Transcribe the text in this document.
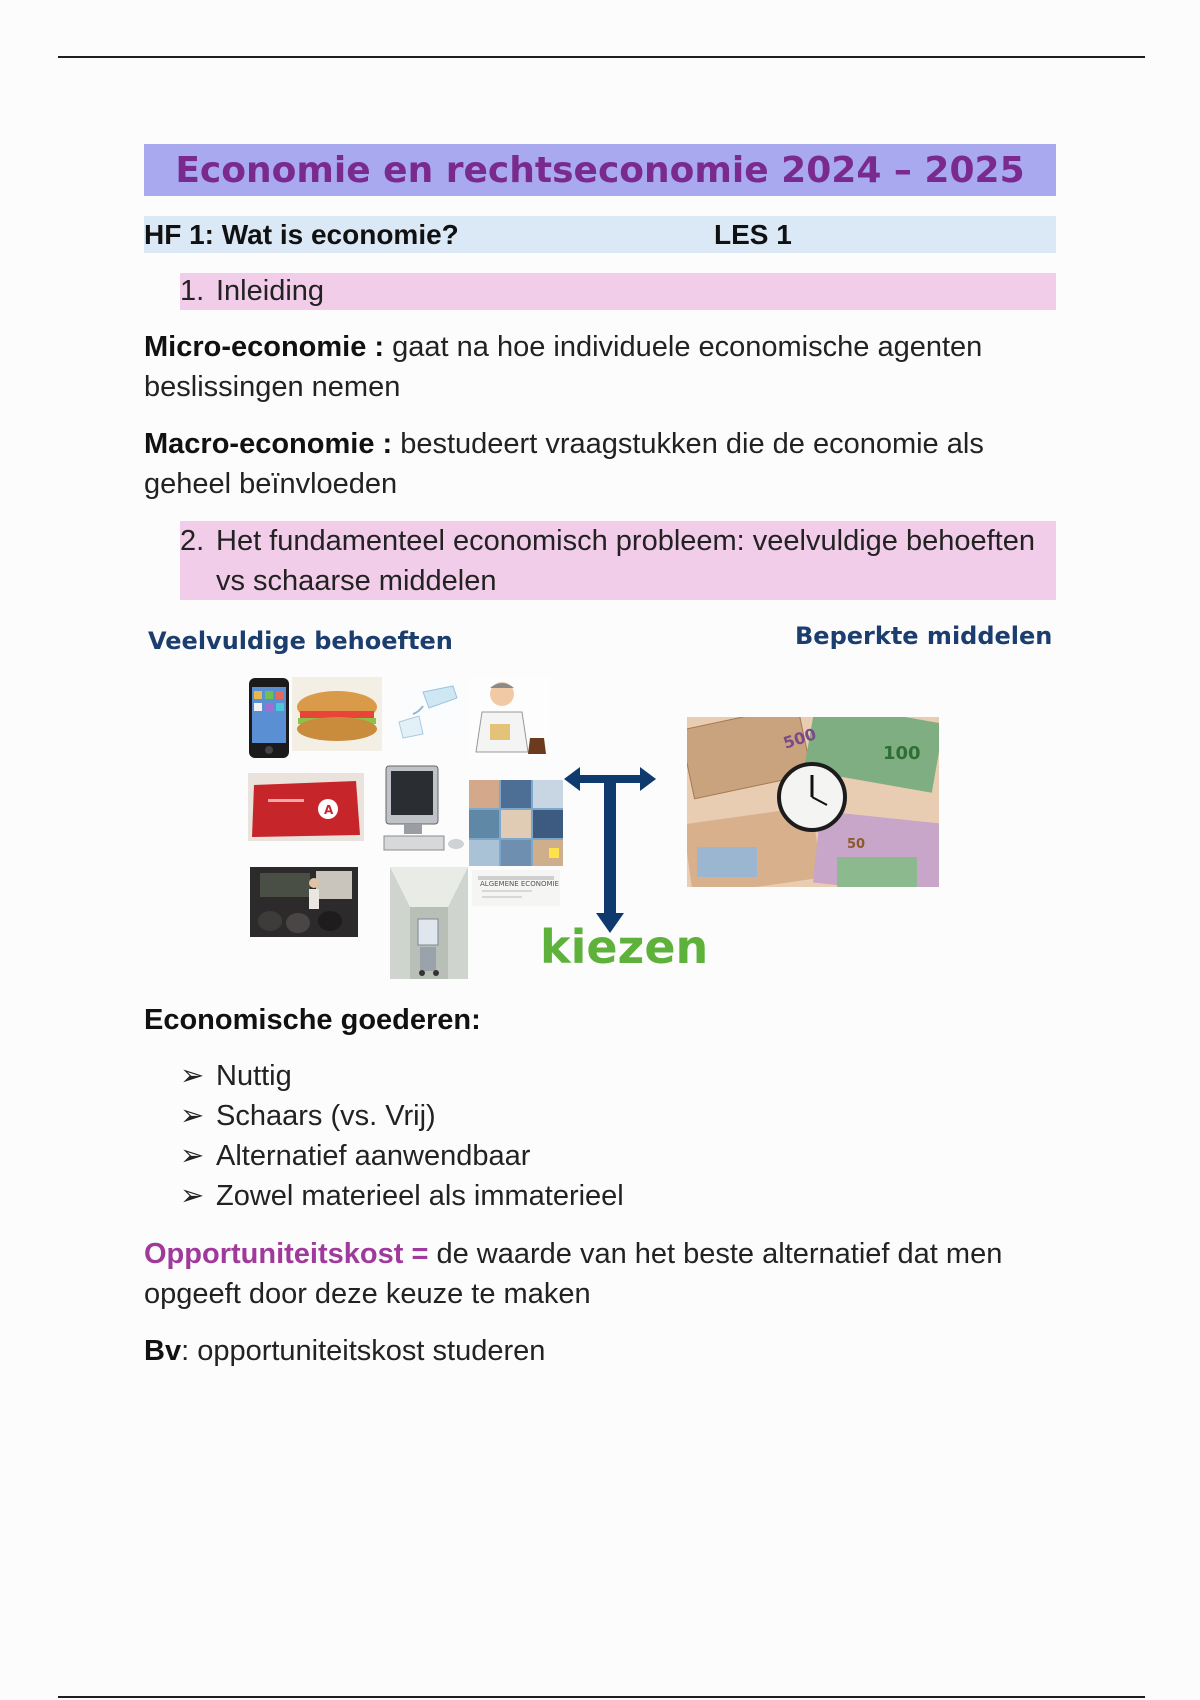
Economie en rechtseconomie 2024 – 2025
HF 1: Wat is economie?	LES 1
1. Inleiding
Micro-economie : gaat na hoe individuele economische agenten beslissingen nemen
Macro-economie : bestudeert vraagstukken die de economie als geheel beïnvloeden
2. Het fundamenteel economisch probleem: veelvuldige behoeften vs schaarse middelen
Veelvuldige behoeften	Beperkte middelen
A
ALGEMENE ECONOMIE
kiezen
500
100
50
Economische goederen:
➢ Nuttig
➢ Schaars (vs. Vrij)
➢ Alternatief aanwendbaar
➢ Zowel materieel als immaterieel
Opportuniteitskost = de waarde van het beste alternatief dat men opgeeft door deze keuze te maken
Bv: opportuniteitskost studeren
